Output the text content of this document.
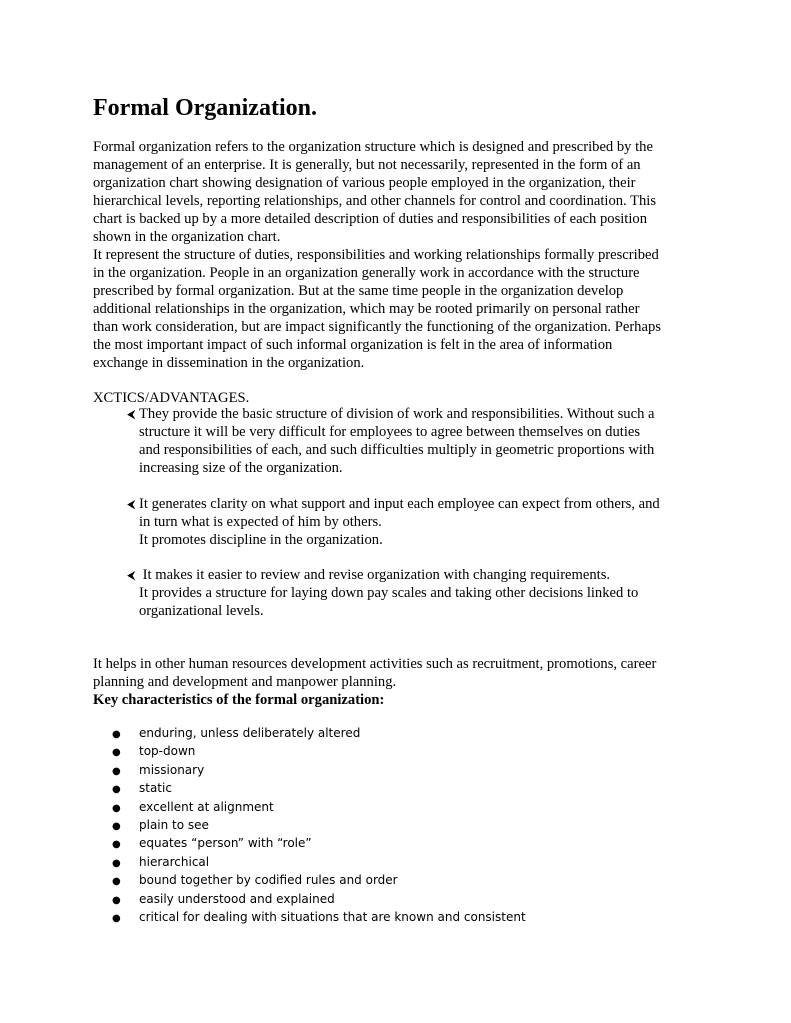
Formal Organization.

Formal organization refers to the organization structure which is designed and prescribed by the
management of an enterprise. It is generally, but not necessarily, represented in the form of an
organization chart showing designation of various people employed in the organization, their
hierarchical levels, reporting relationships, and other channels for control and coordination. This
chart is backed up by a more detailed description of duties and responsibilities of each position
shown in the organization chart.
It represent the structure of duties, responsibilities and working relationships formally prescribed
in the organization. People in an organization generally work in accordance with the structure
prescribed by formal organization. But at the same time people in the organization develop
additional relationships in the organization, which may be rooted primarily on personal rather
than work consideration, but are impact significantly the functioning of the organization. Perhaps
the most important impact of such informal organization is felt in the area of information
exchange in dissemination in the organization.

XCTICS/ADVANTAGES.

⮜ They provide the basic structure of division of work and responsibilities. Without such a
structure it will be very difficult for employees to agree between themselves on duties
and responsibilities of each, and such difficulties multiply in geometric proportions with
increasing size of the organization.
⮜ It generates clarity on what support and input each employee can expect from others, and
in turn what is expected of him by others.
It promotes discipline in the organization.
⮜ It makes it easier to review and revise organization with changing requirements.
It provides a structure for laying down pay scales and taking other decisions linked to
organizational levels.

It helps in other human resources development activities such as recruitment, promotions, career
planning and development and manpower planning.

Key characteristics of the formal organization:

● enduring, unless deliberately altered
● top-down
● missionary
● static
● excellent at alignment
● plain to see
● equates “person” with “role”
● hierarchical
● bound together by codified rules and order
● easily understood and explained
● critical for dealing with situations that are known and consistent
